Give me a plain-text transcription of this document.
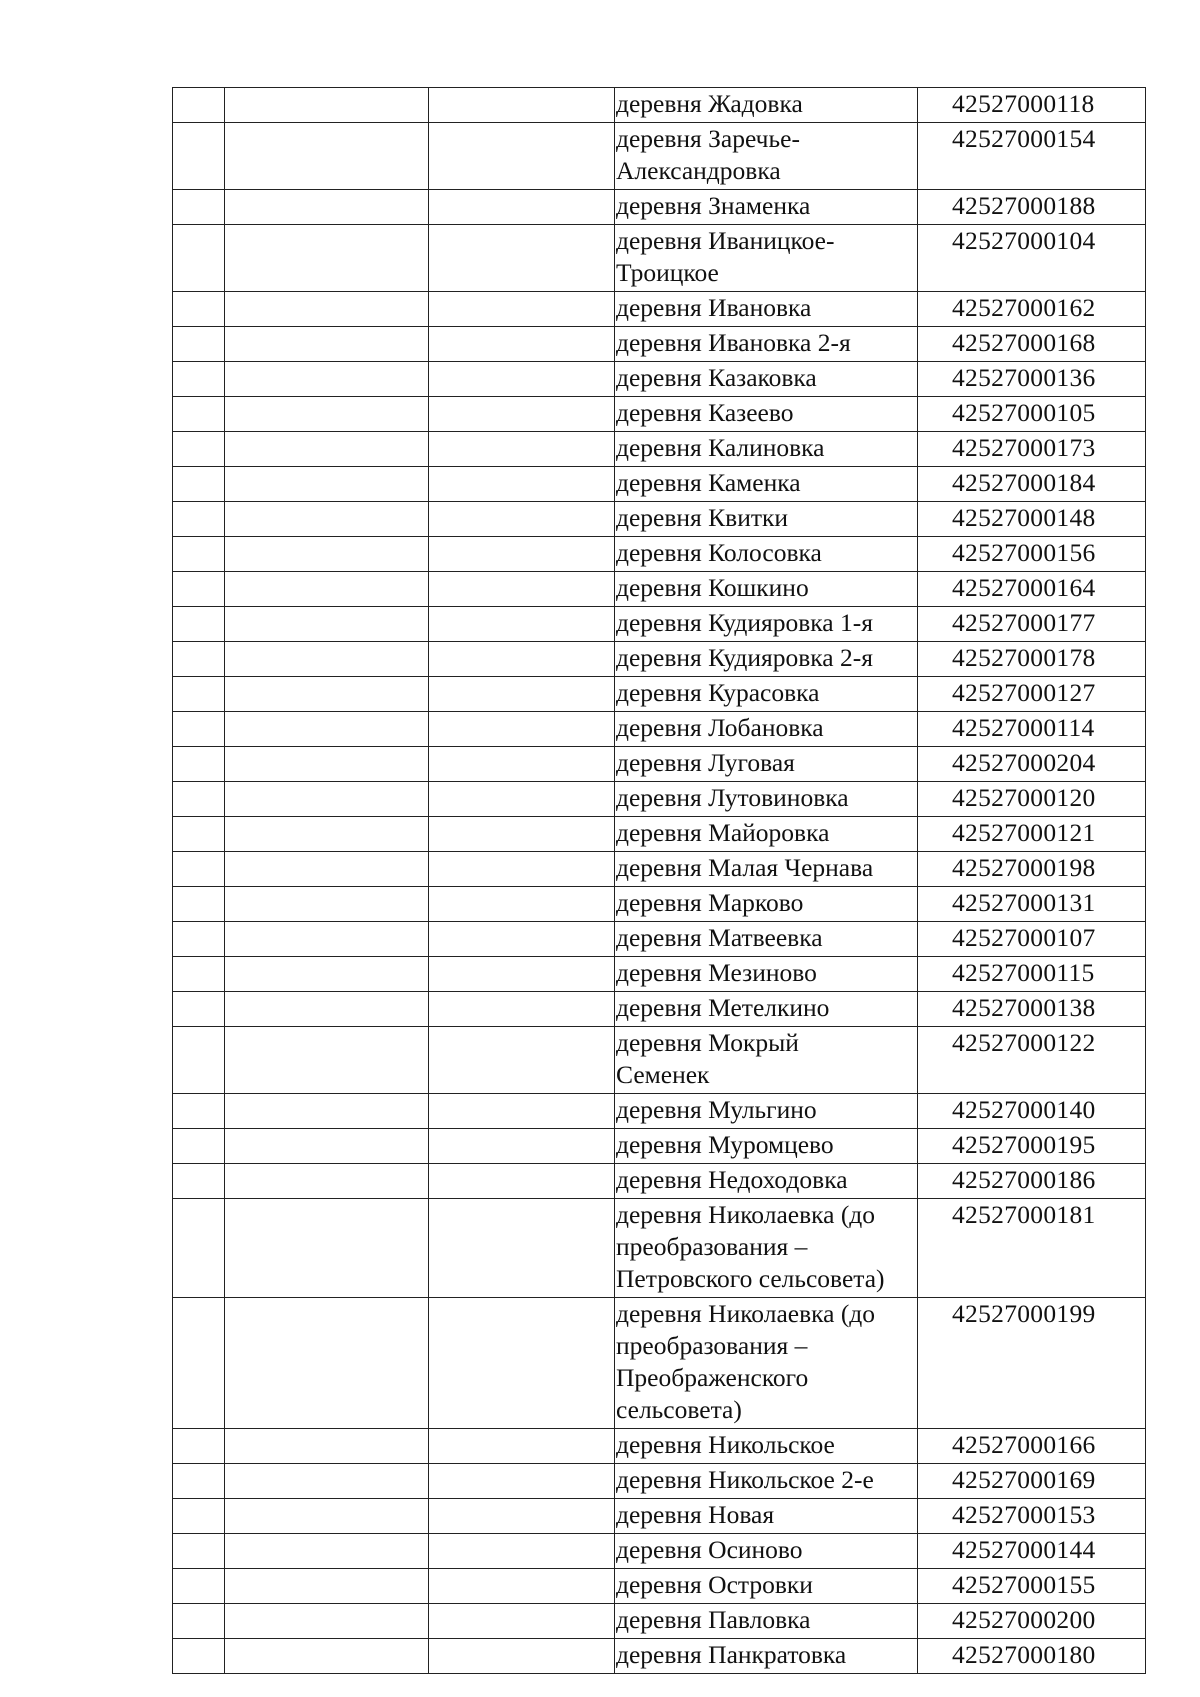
			деревня Жадовка	42527000118

			деревня Заречье-
Александровка	42527000154

			деревня Знаменка	42527000188

			деревня Иваницкое-
Троицкое	42527000104

			деревня Ивановка	42527000162

			деревня Ивановка 2-я	42527000168

			деревня Казаковка	42527000136

			деревня Казеево	42527000105

			деревня Калиновка	42527000173

			деревня Каменка	42527000184

			деревня Квитки	42527000148

			деревня Колосовка	42527000156

			деревня Кошкино	42527000164

			деревня Кудияровка 1-я	42527000177

			деревня Кудияровка 2-я	42527000178

			деревня Курасовка	42527000127

			деревня Лобановка	42527000114

			деревня Луговая	42527000204

			деревня Лутовиновка	42527000120

			деревня Майоровка	42527000121

			деревня Малая Чернава	42527000198

			деревня Марково	42527000131

			деревня Матвеевка	42527000107

			деревня Мезиново	42527000115

			деревня Метелкино	42527000138

			деревня Мокрый
Семенек	42527000122

			деревня Мульгино	42527000140

			деревня Муромцево	42527000195

			деревня Недоходовка	42527000186

			деревня Николаевка (до
преобразования –
Петровского сельсовета)	42527000181

			деревня Николаевка (до
преобразования –
Преображенского
сельсовета)	42527000199

			деревня Никольское	42527000166

			деревня Никольское 2-е	42527000169

			деревня Новая	42527000153

			деревня Осиново	42527000144

			деревня Островки	42527000155

			деревня Павловка	42527000200

			деревня Панкратовка	42527000180
